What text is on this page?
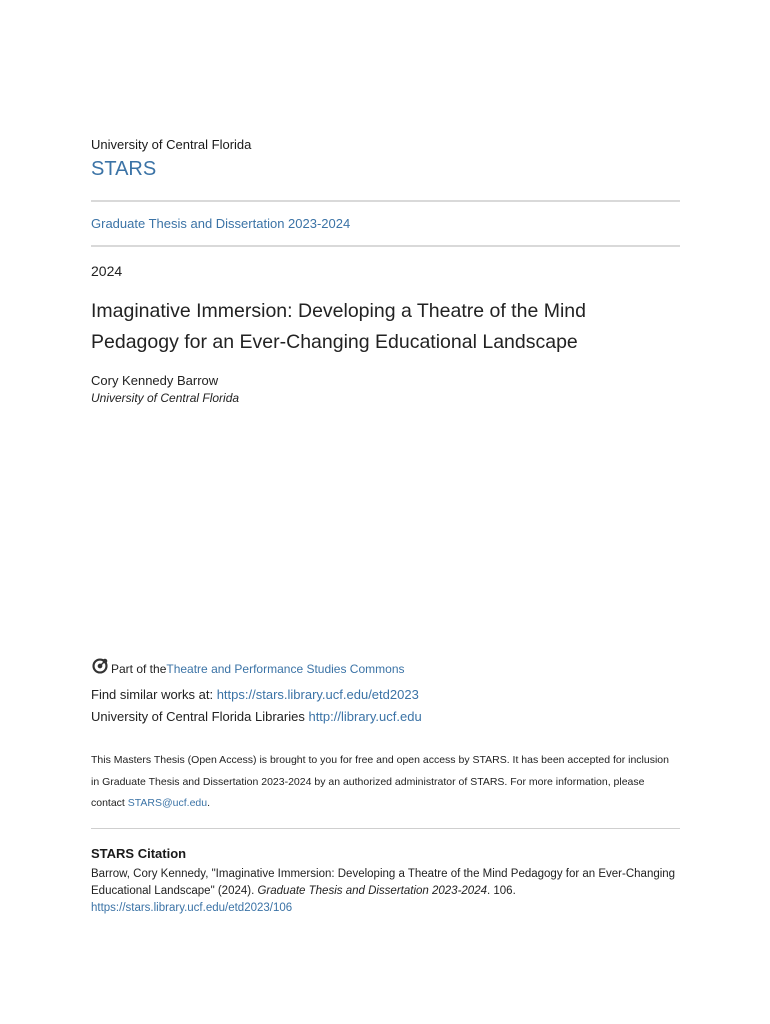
University of Central Florida
STARS
Graduate Thesis and Dissertation 2023-2024
2024
Imaginative Immersion: Developing a Theatre of the Mind Pedagogy for an Ever-Changing Educational Landscape
Cory Kennedy Barrow
University of Central Florida
Part of the Theatre and Performance Studies Commons
Find similar works at: https://stars.library.ucf.edu/etd2023
University of Central Florida Libraries http://library.ucf.edu
This Masters Thesis (Open Access) is brought to you for free and open access by STARS. It has been accepted for inclusion in Graduate Thesis and Dissertation 2023-2024 by an authorized administrator of STARS. For more information, please contact STARS@ucf.edu.
STARS Citation
Barrow, Cory Kennedy, "Imaginative Immersion: Developing a Theatre of the Mind Pedagogy for an Ever-Changing Educational Landscape" (2024). Graduate Thesis and Dissertation 2023-2024. 106.
https://stars.library.ucf.edu/etd2023/106
